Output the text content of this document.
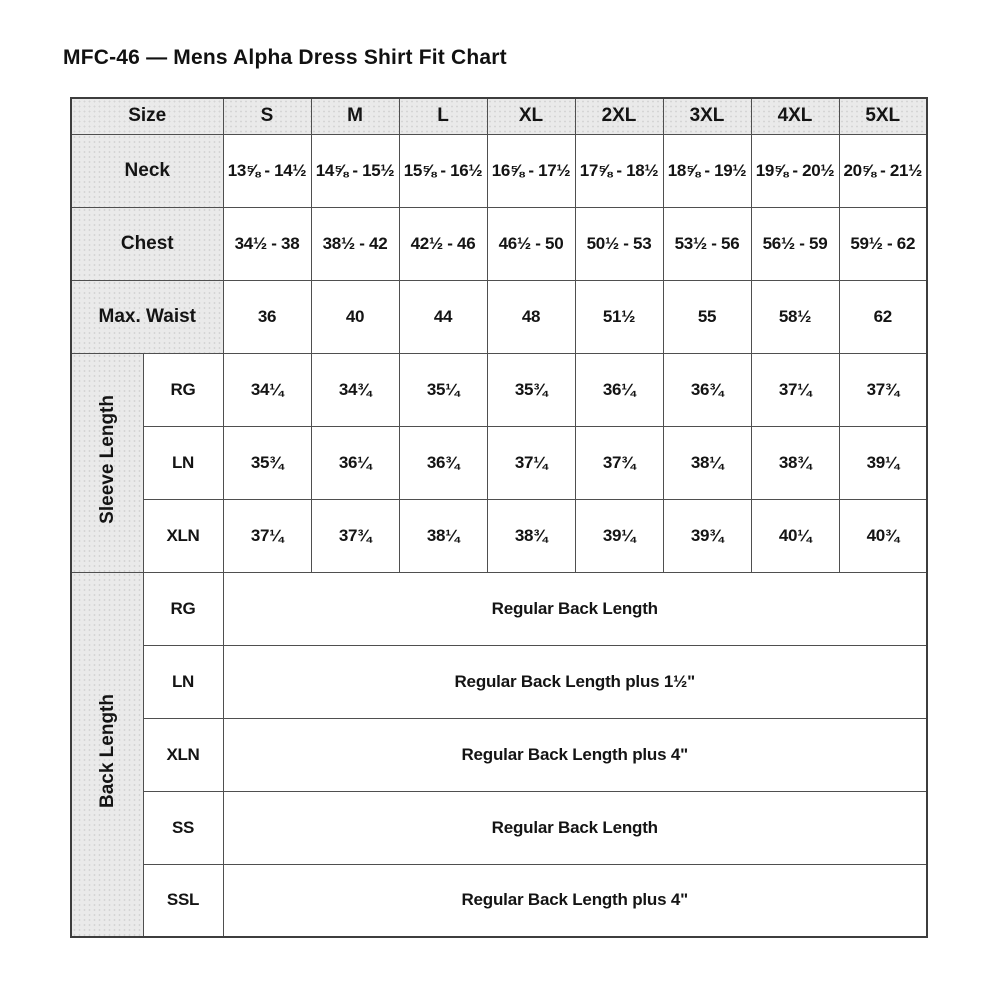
MFC-46 — Mens Alpha Dress Shirt Fit Chart
Size		S	M	L	XL	2XL	3XL	4XL	5XL
Neck		13⅝ - 14½	14⅝ - 15½	15⅝ - 16½	16⅝ - 17½	17⅝ - 18½	18⅝ - 19½	19⅝ - 20½	20⅝ - 21½
Chest		34½ - 38	38½ - 42	42½ - 46	46½ - 50	50½ - 53	53½ - 56	56½ - 59	59½ - 62
Max. Waist		36	40	44	48	51½	55	58½	62
Sleeve Length	RG	34¼	34¾	35¼	35¾	36¼	36¾	37¼	37¾
	LN	35¾	36¼	36¾	37¼	37¾	38¼	38¾	39¼
	XLN	37¼	37¾	38¼	38¾	39¼	39¾	40¼	40¾
Back Length	RG	Regular Back Length							
	LN	Regular Back Length plus 1½"							
	XLN	Regular Back Length plus 4"							
	SS	Regular Back Length							
	SSL	Regular Back Length plus 4"							
